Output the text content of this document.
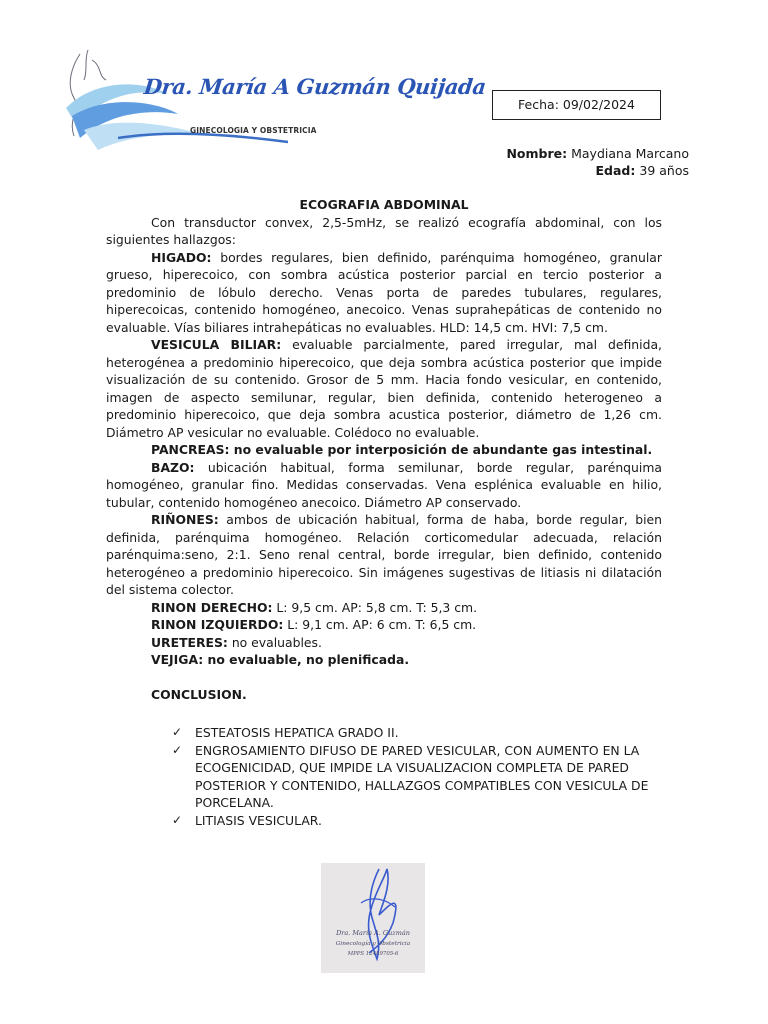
Dra. María A Guzmán Quijada
GINECOLOGIA Y OBSTETRICIA
Fecha: 09/02/2024
Nombre: Maydiana Marcano
Edad: 39 años
ECOGRAFIA ABDOMINAL

Con transductor convex, 2,5-5mHz, se realizó ecografía abdominal, con los siguientes hallazgos:

HIGADO: bordes regulares, bien definido, parénquima homogéneo, granular grueso, hiperecoico, con sombra acústica posterior parcial en tercio posterior a predominio de lóbulo derecho. Venas porta de paredes tubulares, regulares, hiperecoicas, contenido homogéneo, anecoico. Venas suprahepáticas de contenido no evaluable. Vías biliares intrahepáticas no evaluables. HLD: 14,5 cm. HVI: 7,5 cm.

VESICULA BILIAR: evaluable parcialmente, pared irregular, mal definida, heterogénea a predominio hiperecoico, que deja sombra acústica posterior que impide visualización de su contenido. Grosor de 5 mm. Hacia fondo vesicular, en contenido, imagen de aspecto semilunar, regular, bien definida, contenido heterogeneo a predominio hiperecoico, que deja sombra acustica posterior, diámetro de 1,26 cm. Diámetro AP vesicular no evaluable. Colédoco no evaluable.

PANCREAS: no evaluable por interposición de abundante gas intestinal.

BAZO: ubicación habitual, forma semilunar, borde regular, parénquima homogéneo, granular fino. Medidas conservadas. Vena esplénica evaluable en hilio, tubular, contenido homogéneo anecoico. Diámetro AP conservado.

RIÑONES: ambos de ubicación habitual, forma de haba, borde regular, bien definida, parénquima homogéneo. Relación corticomedular adecuada, relación parénquima:seno, 2:1. Seno renal central, borde irregular, bien definido, contenido heterogéneo a predominio hiperecoico. Sin imágenes sugestivas de litiasis ni dilatación del sistema colector.

RINON DERECHO: L: 9,5 cm. AP: 5,8 cm. T: 5,3 cm.

RINON IZQUIERDO: L: 9,1 cm. AP: 6 cm. T: 6,5 cm.

URETERES: no evaluables.

VEJIGA: no evaluable, no plenificada.

CONCLUSION.
✓ ESTEATOSIS HEPATICA GRADO II.
✓ ENGROSAMIENTO DIFUSO DE PARED VESICULAR, CON AUMENTO EN LA ECOGENICIDAD, QUE IMPIDE LA VISUALIZACION COMPLETA DE PARED POSTERIOR Y CONTENIDO, HALLAZGOS COMPATIBLES CON VESICULA DE PORCELANA.
✓ LITIASIS VESICULAR.
Dra. María A. Guzmán
Ginecología y Obstetricia
MPPS 12489705-6
